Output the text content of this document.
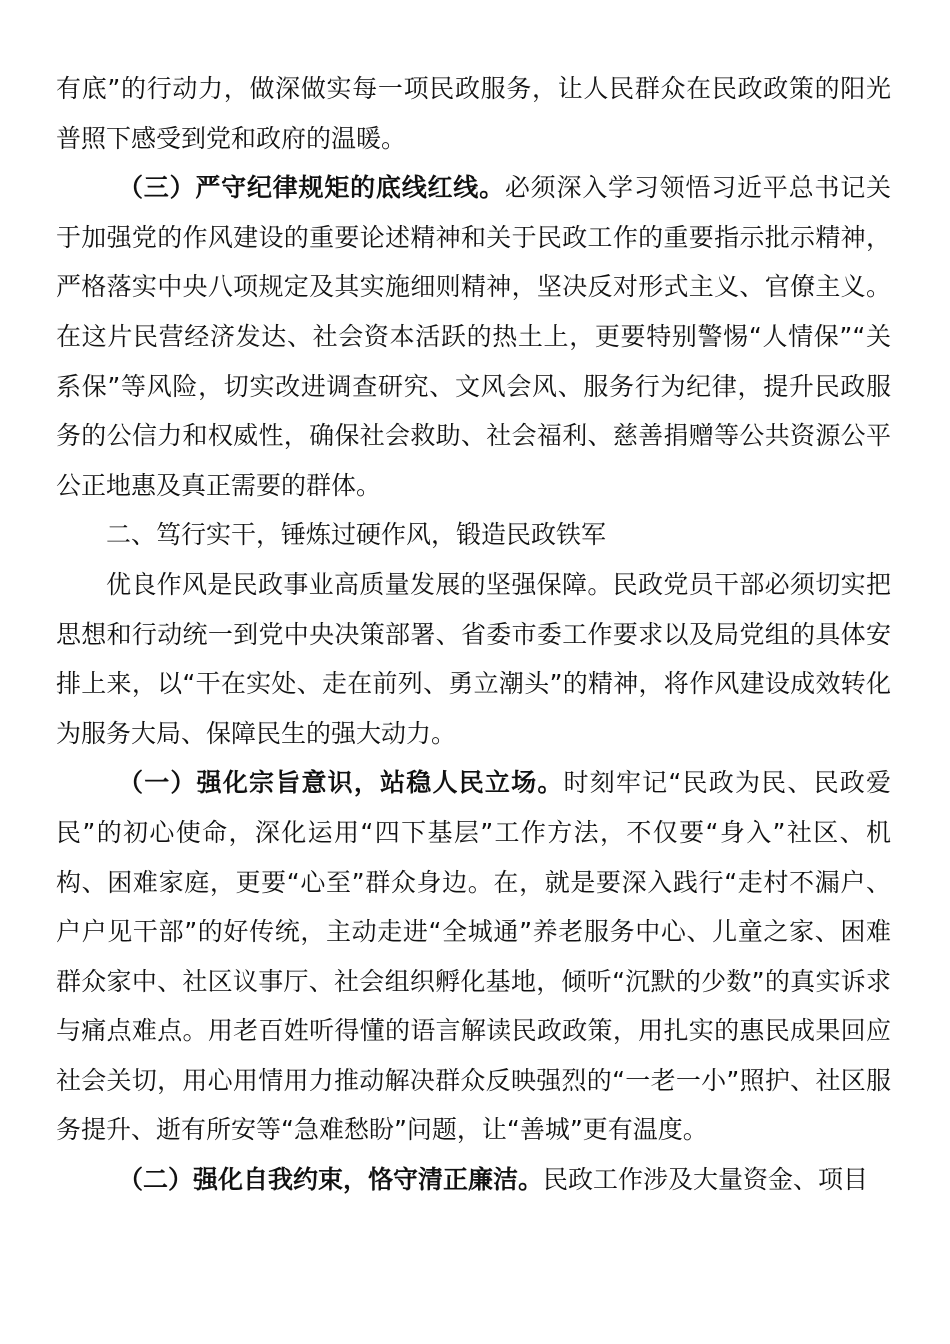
有底”的行动力，做深做实每一项民政服务，让人民群众在民政政策的阳光普照下感受到党和政府的温暖。

（三）严守纪律规矩的底线红线。必须深入学习领悟习近平总书记关于加强党的作风建设的重要论述精神和关于民政工作的重要指示批示精神，严格落实中央八项规定及其实施细则精神，坚决反对形式主义、官僚主义。在这片民营经济发达、社会资本活跃的热土上，更要特别警惕“人情保”“关系保”等风险，切实改进调查研究、文风会风、服务行为纪律，提升民政服务的公信力和权威性，确保社会救助、社会福利、慈善捐赠等公共资源公平公正地惠及真正需要的群体。

二、笃行实干，锤炼过硬作风，锻造民政铁军

优良作风是民政事业高质量发展的坚强保障。民政党员干部必须切实把思想和行动统一到党中央决策部署、省委市委工作要求以及局党组的具体安排上来，以“干在实处、走在前列、勇立潮头”的精神，将作风建设成效转化为服务大局、保障民生的强大动力。

（一）强化宗旨意识，站稳人民立场。时刻牢记“民政为民、民政爱民”的初心使命，深化运用“四下基层”工作方法，不仅要“身入”社区、机构、困难家庭，更要“心至”群众身边。在，就是要深入践行“走村不漏户、户户见干部”的好传统，主动走进“全城通”养老服务中心、儿童之家、困难群众家中、社区议事厅、社会组织孵化基地，倾听“沉默的少数”的真实诉求与痛点难点。用老百姓听得懂的语言解读民政政策，用扎实的惠民成果回应社会关切，用心用情用力推动解决群众反映强烈的“一老一小”照护、社区服务提升、逝有所安等“急难愁盼”问题，让“善城”更有温度。

（二）强化自我约束，恪守清正廉洁。民政工作涉及大量资金、项目
